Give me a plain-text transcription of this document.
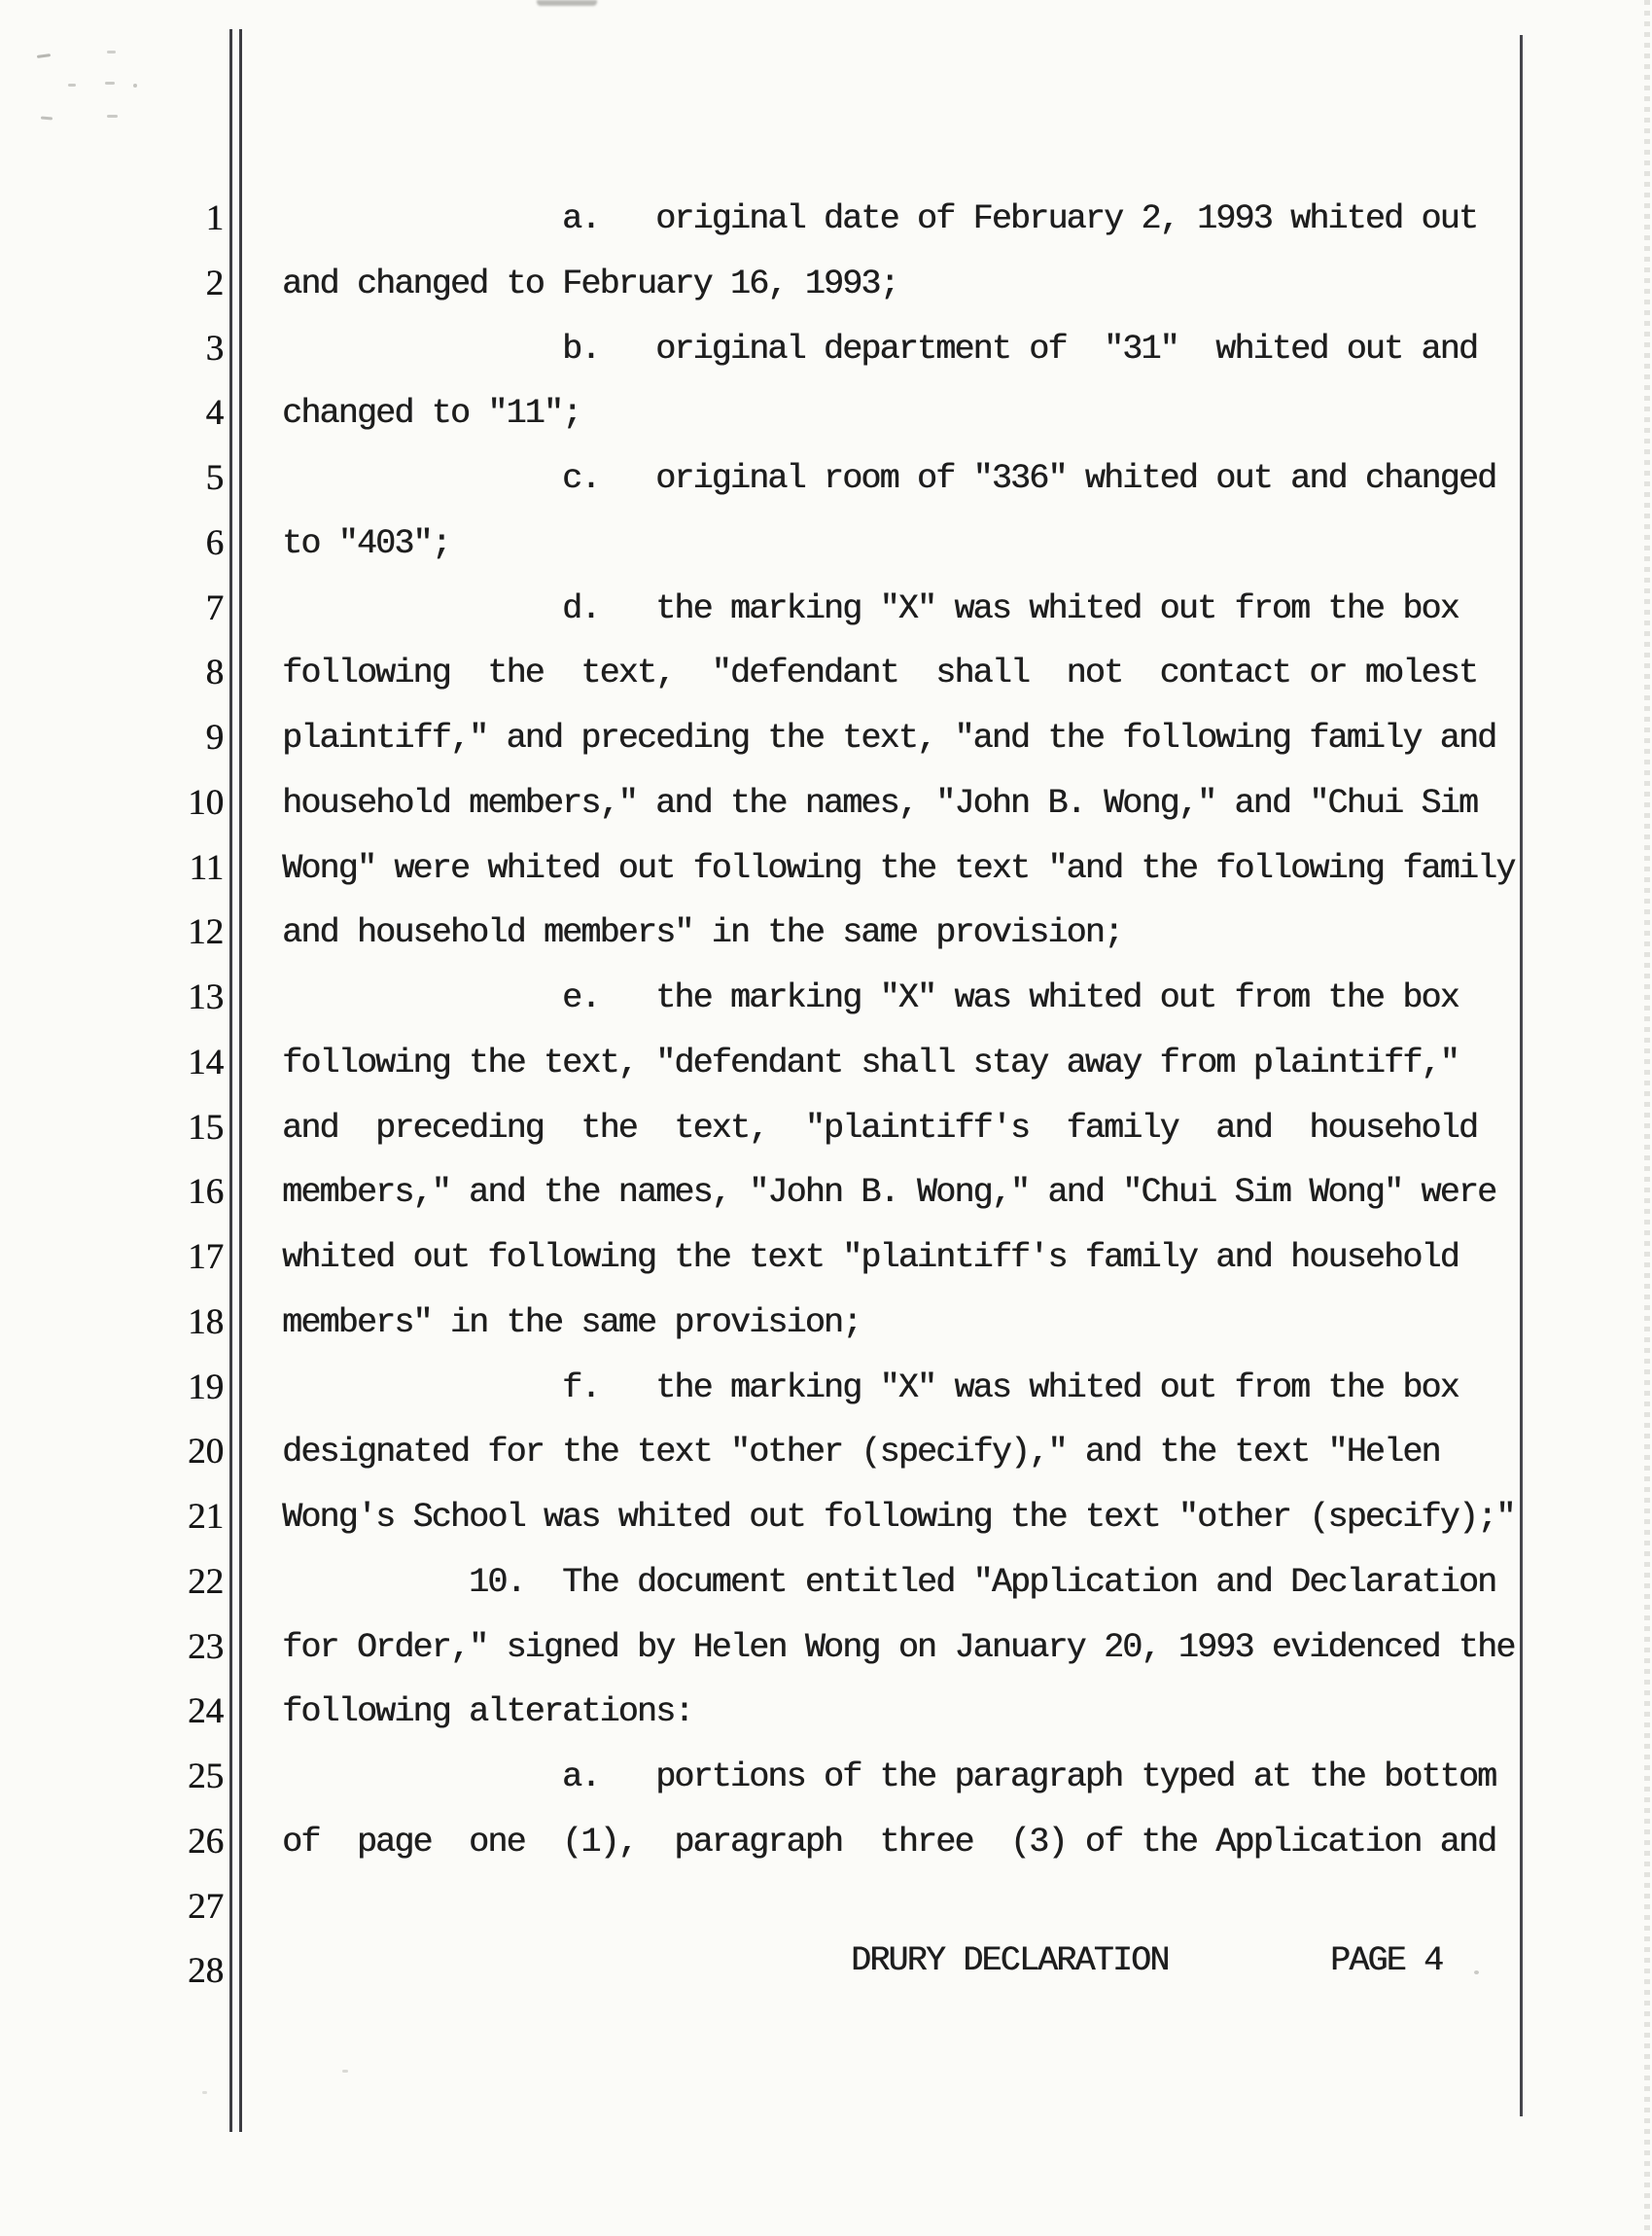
1 a.   original date of February 2, 1993 whited out
2 and changed to February 16, 1993;
3 b.   original department of  "31"  whited out and
4 changed to "11";
5 c.   original room of "336" whited out and changed
6 to "403";
7 d.   the marking "X" was whited out from the box
8 following  the  text,  "defendant  shall  not  contact or molest
9 plaintiff," and preceding the text, "and the following family and
10 household members," and the names, "John B. Wong," and "Chui Sim
11 Wong" were whited out following the text "and the following family
12 and household members" in the same provision;
13 e.   the marking "X" was whited out from the box
14 following the text, "defendant shall stay away from plaintiff,"
15 and  preceding  the  text,  "plaintiff's  family  and  household
16 members," and the names, "John B. Wong," and "Chui Sim Wong" were
17 whited out following the text "plaintiff's family and household
18 members" in the same provision;
19 f.   the marking "X" was whited out from the box
20 designated for the text "other (specify)," and the text "Helen
21 Wong's School was whited out following the text "other (specify);"
22 10.  The document entitled "Application and Declaration
23 for Order," signed by Helen Wong on January 20, 1993 evidenced the
24 following alterations:
25 a.   portions of the paragraph typed at the bottom
26 of  page  one  (1),  paragraph  three  (3) of the Application and
27
28	DRURY DECLARATION	PAGE 4
